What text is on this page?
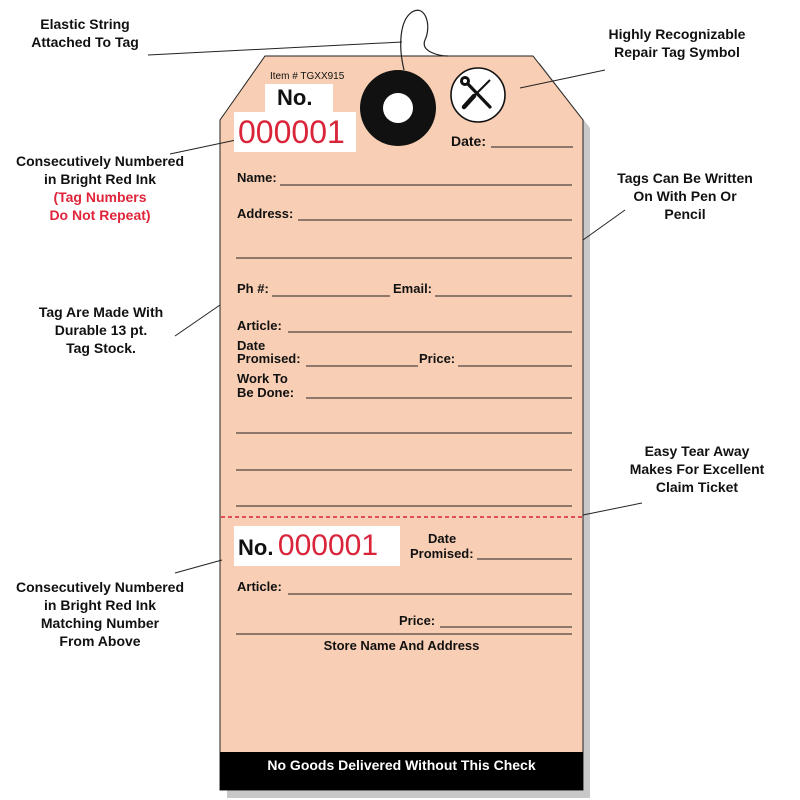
Elastic String
Attached To Tag	Highly Recognizable
Repair Tag Symbol
Consecutively Numbered
in Bright Red Ink
(Tag Numbers
Do Not Repeat)
Tags Can Be Written
On With Pen Or
Pencil
Tag Are Made With
Durable 13 pt.
Tag Stock.
Easy Tear Away
Makes For Excellent
Claim Ticket
Consecutively Numbered
in Bright Red Ink
Matching Number
From Above
Item # TGXX915
No.
000001	Date:
Name:
Address:
Ph #:	Email:
Article:
Date
Promised:	Price:
Work To
Be Done:
No. 000001	Date
Promised:
Article:
Price:
Store Name And Address
No Goods Delivered Without This Check
